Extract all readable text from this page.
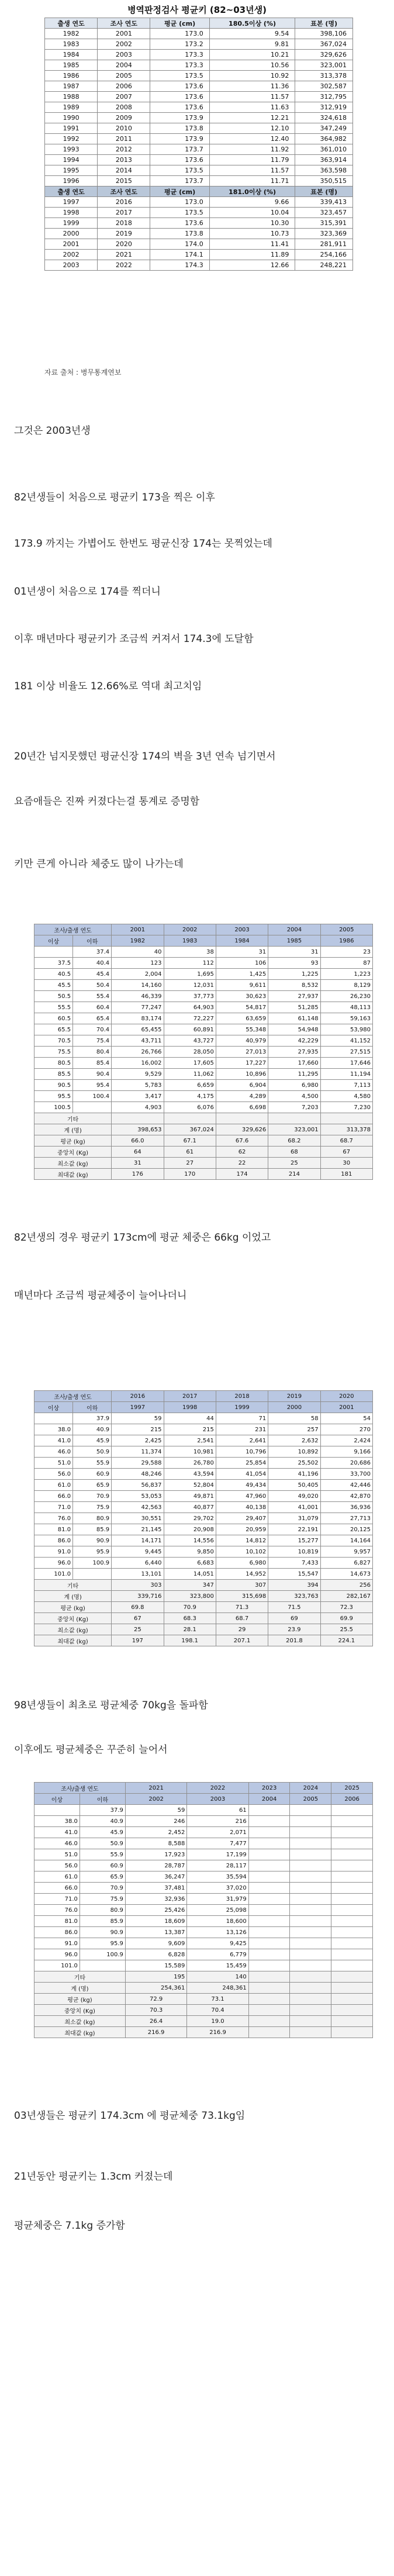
병역판정검사 평균키 (82~03년생)
출생 연도	조사 연도	평균 (cm)	180.5이상 (%)	표본 (명)
1982	2001	173.0	9.54	398,106
1983	2002	173.2	9.81	367,024
1984	2003	173.3	10.21	329,626
1985	2004	173.3	10.56	323,001
1986	2005	173.5	10.92	313,378
1987	2006	173.6	11.36	302,587
1988	2007	173.6	11.57	312,795
1989	2008	173.6	11.63	312,919
1990	2009	173.9	12.21	324,618
1991	2010	173.8	12.10	347,249
1992	2011	173.9	12.40	364,982
1993	2012	173.7	11.92	361,010
1994	2013	173.6	11.79	363,914
1995	2014	173.5	11.57	363,598
1996	2015	173.7	11.71	350,515
출생 연도	조사 연도	평균 (cm)	181.0이상 (%)	표본 (명)
1997	2016	173.0	9.66	339,413
1998	2017	173.5	10.04	323,457
1999	2018	173.6	10.30	315,391
2000	2019	173.8	10.73	323,369
2001	2020	174.0	11.41	281,911
2002	2021	174.1	11.89	254,166
2003	2022	174.3	12.66	248,221
자료 출처 : 병무통계연보
그것은 2003년생
82년생들이 처음으로 평균키 173을 찍은 이후
173.9 까지는 가볍어도 한번도 평균신장 174는 못찍었는데
01년생이 처음으로 174를 찍더니
이후 매년마다 평균키가 조금씩 커져서 174.3에 도달함
181 이상 비율도 12.66%로 역대 최고치임
20년간 넘지못했던 평균신장 174의 벽을 3년 연속 넘기면서
요즘애들은 진짜 커졌다는걸 통계로 증명함
키만 큰게 아니라 체중도 많이 나가는데
조사/출생 연도		2001	2002	2003	2004	2005
이상	이하	1982	1983	1984	1985	1986
	37.4	40	38	31	31	23
37.5	40.4	123	112	106	93	87
40.5	45.4	2,004	1,695	1,425	1,225	1,223
45.5	50.4	14,160	12,031	9,611	8,532	8,129
50.5	55.4	46,339	37,773	30,623	27,937	26,230
55.5	60.4	77,247	64,903	54,817	51,285	48,113
60.5	65.4	83,174	72,227	63,659	61,148	59,163
65.5	70.4	65,455	60,891	55,348	54,948	53,980
70.5	75.4	43,711	43,727	40,979	42,229	41,152
75.5	80.4	26,766	28,050	27,013	27,935	27,515
80.5	85.4	16,002	17,605	17,227	17,660	17,646
85.5	90.4	9,529	11,062	10,896	11,295	11,194
90.5	95.4	5,783	6,659	6,904	6,980	7,113
95.5	100.4	3,417	4,175	4,289	4,500	4,580
100.5		4,903	6,076	6,698	7,203	7,230
기타						
계 (명)		398,653	367,024	329,626	323,001	313,378
평균 (kg)		66.0	67.1	67.6	68.2	68.7
중앙치 (Kg)		64	61	62	68	67
최소값 (kg)		31	27	22	25	30
최대값 (kg)		176	170	174	214	181
82년생의 경우 평균키 173cm에 평균 체중은 66kg 이었고
매년마다 조금씩 평균체중이 늘어나더니
조사/출생 연도		2016	2017	2018	2019	2020
이상	이하	1997	1998	1999	2000	2001
	37.9	59	44	71	58	54
38.0	40.9	215	215	231	257	270
41.0	45.9	2,425	2,541	2,641	2,632	2,424
46.0	50.9	11,374	10,981	10,796	10,892	9,166
51.0	55.9	29,588	26,780	25,854	25,502	20,686
56.0	60.9	48,246	43,594	41,054	41,196	33,700
61.0	65.9	56,837	52,804	49,434	50,405	42,446
66.0	70.9	53,053	49,871	47,960	49,020	42,870
71.0	75.9	42,563	40,877	40,138	41,001	36,936
76.0	80.9	30,551	29,702	29,407	31,079	27,713
81.0	85.9	21,145	20,908	20,959	22,191	20,125
86.0	90.9	14,171	14,556	14,812	15,277	14,164
91.0	95.9	9,445	9,850	10,102	10,819	9,957
96.0	100.9	6,440	6,683	6,980	7,433	6,827
101.0		13,101	14,051	14,952	15,547	14,673
기타		303	347	307	394	256
계 (명)		339,716	323,800	315,698	323,763	282,167
평균 (kg)		69.8	70.9	71.3	71.5	72.3
중앙치 (Kg)		67	68.3	68.7	69	69.9
최소값 (kg)		25	28.1	29	23.9	25.5
최대값 (kg)		197	198.1	207.1	201.8	224.1
98년생들이 최초로 평균체중 70kg을 돌파함
이후에도 평균체중은 꾸준히 늘어서
조사/출생 연도		2021	2022	2023	2024	2025
이상	이하	2002	2003	2004	2005	2006
	37.9	59	61			
38.0	40.9	246	216			
41.0	45.9	2,452	2,071			
46.0	50.9	8,588	7,477			
51.0	55.9	17,923	17,199			
56.0	60.9	28,787	28,117			
61.0	65.9	36,247	35,594			
66.0	70.9	37,481	37,020			
71.0	75.9	32,936	31,979			
76.0	80.9	25,426	25,098			
81.0	85.9	18,609	18,600			
86.0	90.9	13,387	13,126			
91.0	95.9	9,609	9,425			
96.0	100.9	6,828	6,779			
101.0		15,589	15,459			
기타		195	140			
계 (명)		254,361	248,361			
평균 (kg)		72.9	73.1			
중앙치 (Kg)		70.3	70.4			
최소값 (kg)		26.4	19.0			
최대값 (kg)		216.9	216.9			
03년생들은 평균키 174.3cm 에 평균체중 73.1kg임
21년동안 평균키는 1.3cm 커졌는데
평균체중은 7.1kg 증가함
